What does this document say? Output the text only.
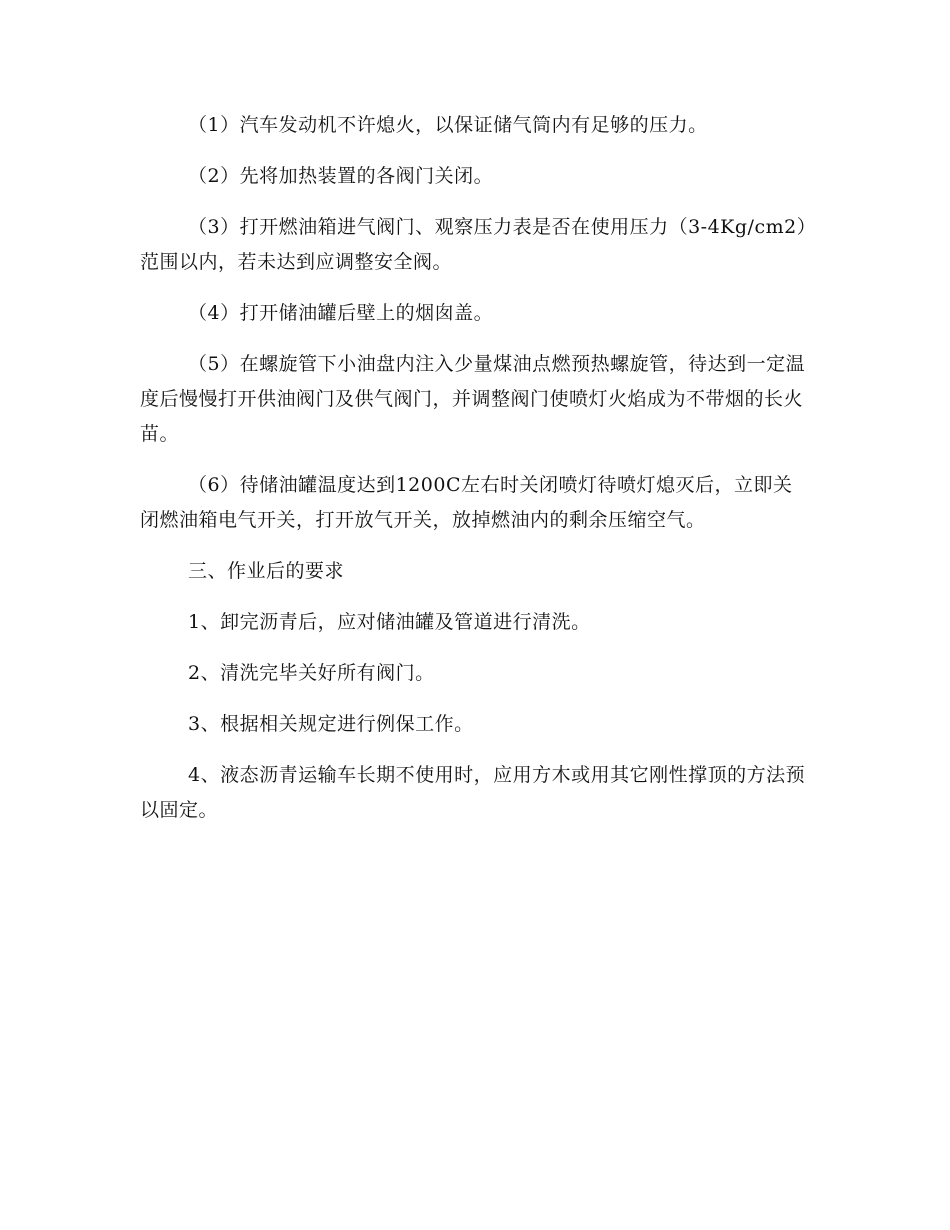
（1）汽车发动机不许熄火，以保证储气筒内有足够的压力。

（2）先将加热装置的各阀门关闭。

（3）打开燃油箱进气阀门、观察压力表是否在使用压力（3-4Kg/cm2）范围以内，若未达到应调整安全阀。

（4）打开储油罐后壁上的烟囱盖。

（5）在螺旋管下小油盘内注入少量煤油点燃预热螺旋管，待达到一定温度后慢慢打开供油阀门及供气阀门，并调整阀门使喷灯火焰成为不带烟的长火苗。

（6）待储油罐温度达到1200C左右时关闭喷灯待喷灯熄灭后，立即关闭燃油箱电气开关，打开放气开关，放掉燃油内的剩余压缩空气。

三、作业后的要求

1、卸完沥青后，应对储油罐及管道进行清洗。

2、清洗完毕关好所有阀门。

3、根据相关规定进行例保工作。

4、液态沥青运输车长期不使用时，应用方木或用其它刚性撑顶的方法预以固定。
